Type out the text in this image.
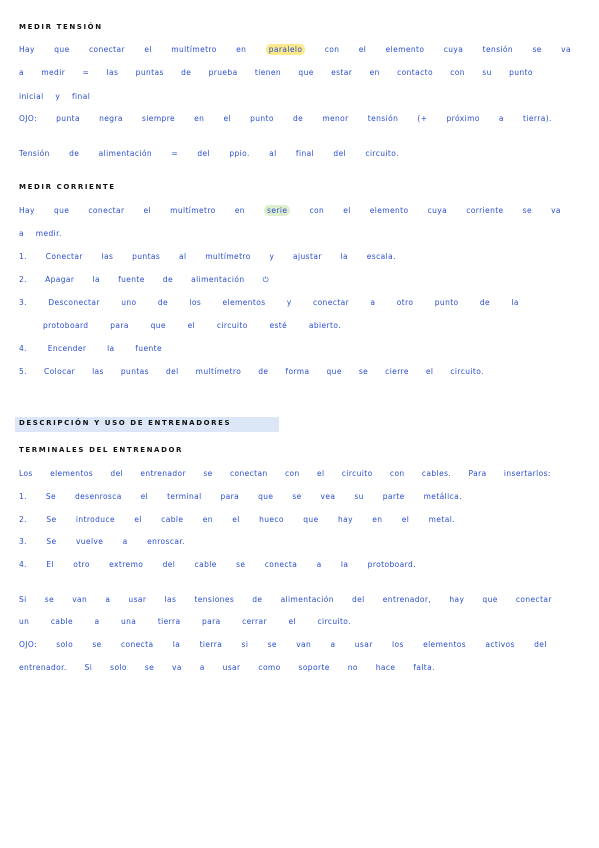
MEDIR TENSIÓN
Hay	que	conectar	el	multímetro	en	paralelo	con	el	elemento	cuya	tensión	se	va
a medir = las puntas de prueba tienen que estar en contacto con su punto
inicial y final
OJO:	punta	negra	siempre	en	el	punto	de	menor	tensión	(+	próximo	a	tierra).
Tensión	de	alimentación	=	del	ppio.	al	final	del	circuito.
MEDIR CORRIENTE
Hay	que	conectar	el	multímetro	en	serie	con	el	elemento	cuya	corriente	se	va
a medir.
1. Conectar las puntas al multímetro y ajustar la escala.
2. Apagar la fuente de alimentación ⏻
3.	Desconectar	uno	de	los	elementos	y	conectar	a	otro	punto	de	la
protoboard	para	que	el	circuito	esté	abierto.
4.	Encender	la	fuente
5. Colocar las puntas del multímetro de forma que se cierre el circuito.
DESCRIPCIÓN Y USO DE ENTRENADORES
TERMINALES DEL ENTRENADOR
Los elementos del entrenador se conectan con el circuito con cables. Para insertarlos:
1.	Se	desenrosca	el	terminal	para	que	se	vea	su	parte	metálica.
2.	Se	introduce	el	cable	en	el	hueco	que	hay	en	el	metal.
3.	Se	vuelve	a	enroscar.
4.	El	otro	extremo	del	cable	se	conecta	a	la	protoboard.
Si se van a usar las tensiones de alimentación del entrenador, hay que conectar
un	cable	a	una	tierra	para	cerrar	el	circuito.
OJO:	solo	se	conecta	la	tierra	si	se	van	a	usar	los	elementos	activos	del
entrenador. Si solo se va a usar como soporte no hace falta.
